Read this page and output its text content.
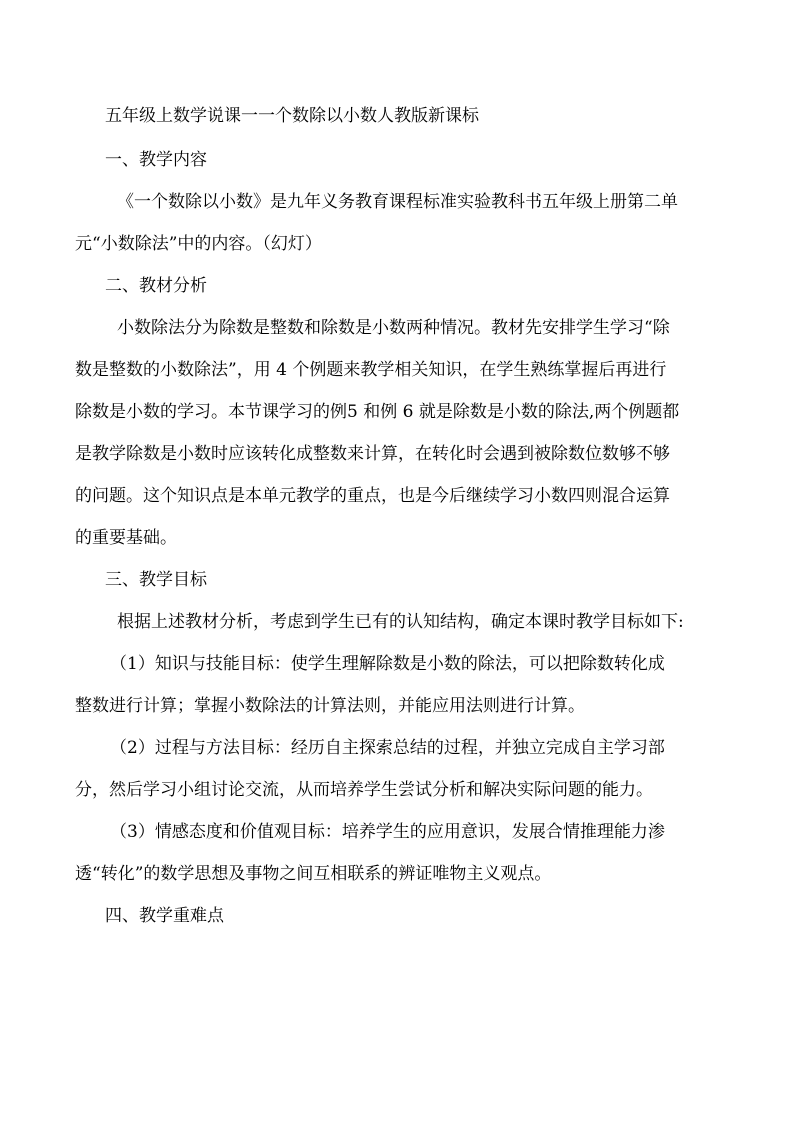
五年级上数学说课一一个数除以小数人教版新课标
一、教学内容
《一个数除以小数》是九年义务教育课程标准实验教科书五年级上册第二单
元“小数除法”中的内容。（幻灯）
二、教材分析
小数除法分为除数是整数和除数是小数两种情况。教材先安排学生学习“除
数是整数的小数除法”，用 4 个例题来教学相关知识，在学生熟练掌握后再进行
除数是小数的学习。本节课学习的例5 和例 6 就是除数是小数的除法,两个例题都
是教学除数是小数时应该转化成整数来计算，在转化时会遇到被除数位数够不够
的问题。这个知识点是本单元教学的重点，也是今后继续学习小数四则混合运算
的重要基础。
三、教学目标
根据上述教材分析，考虑到学生已有的认知结构，确定本课时教学目标如下:
（1）知识与技能目标：使学生理解除数是小数的除法，可以把除数转化成
整数进行计算；掌握小数除法的计算法则，并能应用法则进行计算。
（2）过程与方法目标：经历自主探索总结的过程，并独立完成自主学习部
分，然后学习小组讨论交流，从而培养学生尝试分析和解决实际问题的能力。
（3）情感态度和价值观目标：培养学生的应用意识，发展合情推理能力渗
透“转化”的数学思想及事物之间互相联系的辨证唯物主义观点。
四、教学重难点
